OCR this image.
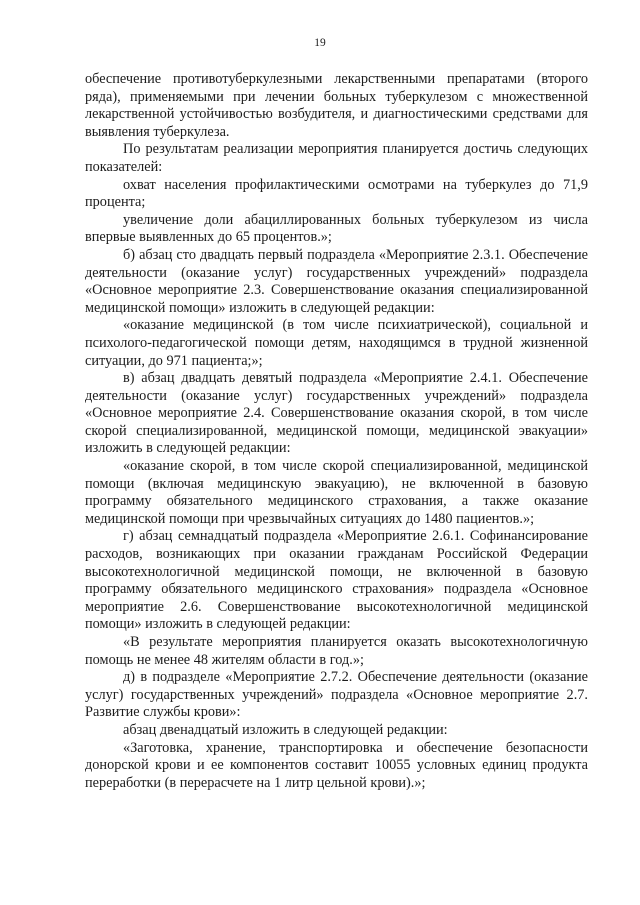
19

обеспечение противотуберкулезными лекарственными препаратами (второго ряда), применяемыми при лечении больных туберкулезом с множественной лекарственной устойчивостью возбудителя, и диагностическими средствами для выявления туберкулеза.

По результатам реализации мероприятия планируется достичь следующих показателей:

охват населения профилактическими осмотрами на туберкулез до 71,9 процента;

увеличение доли абациллированных больных туберкулезом из числа впервые выявленных до 65 процентов.»;

б) абзац сто двадцать первый подраздела «Мероприятие 2.3.1. Обеспечение деятельности (оказание услуг) государственных учреждений» подраздела «Основное мероприятие 2.3. Совершенствование оказания специализированной медицинской помощи» изложить в следующей редакции:

«оказание медицинской (в том числе психиатрической), социальной и психолого-педагогической помощи детям, находящимся в трудной жизненной ситуации, до 971 пациента;»;

в) абзац двадцать девятый подраздела «Мероприятие 2.4.1. Обеспечение деятельности (оказание услуг) государственных учреждений» подраздела «Основное мероприятие 2.4. Совершенствование оказания скорой, в том числе скорой специализированной, медицинской помощи, медицинской эвакуации» изложить в следующей редакции:

«оказание скорой, в том числе скорой специализированной, медицинской помощи (включая медицинскую эвакуацию), не включенной в базовую программу обязательного медицинского страхования, а также оказание медицинской помощи при чрезвычайных ситуациях до 1480 пациентов.»;

г) абзац семнадцатый подраздела «Мероприятие 2.6.1. Софинансирование расходов, возникающих при оказании гражданам Российской Федерации высокотехнологичной медицинской помощи, не включенной в базовую программу обязательного медицинского страхования» подраздела «Основное мероприятие 2.6. Совершенствование высокотехнологичной медицинской помощи» изложить в следующей редакции:

«В результате мероприятия планируется оказать высокотехнологичную помощь не менее 48 жителям области в год.»;

д) в подразделе «Мероприятие 2.7.2. Обеспечение деятельности (оказание услуг) государственных учреждений» подраздела «Основное мероприятие 2.7. Развитие службы крови»:

абзац двенадцатый изложить в следующей редакции:

«Заготовка, хранение, транспортировка и обеспечение безопасности донорской крови и ее компонентов составит 10055 условных единиц продукта переработки (в перерасчете на 1 литр цельной крови).»;
